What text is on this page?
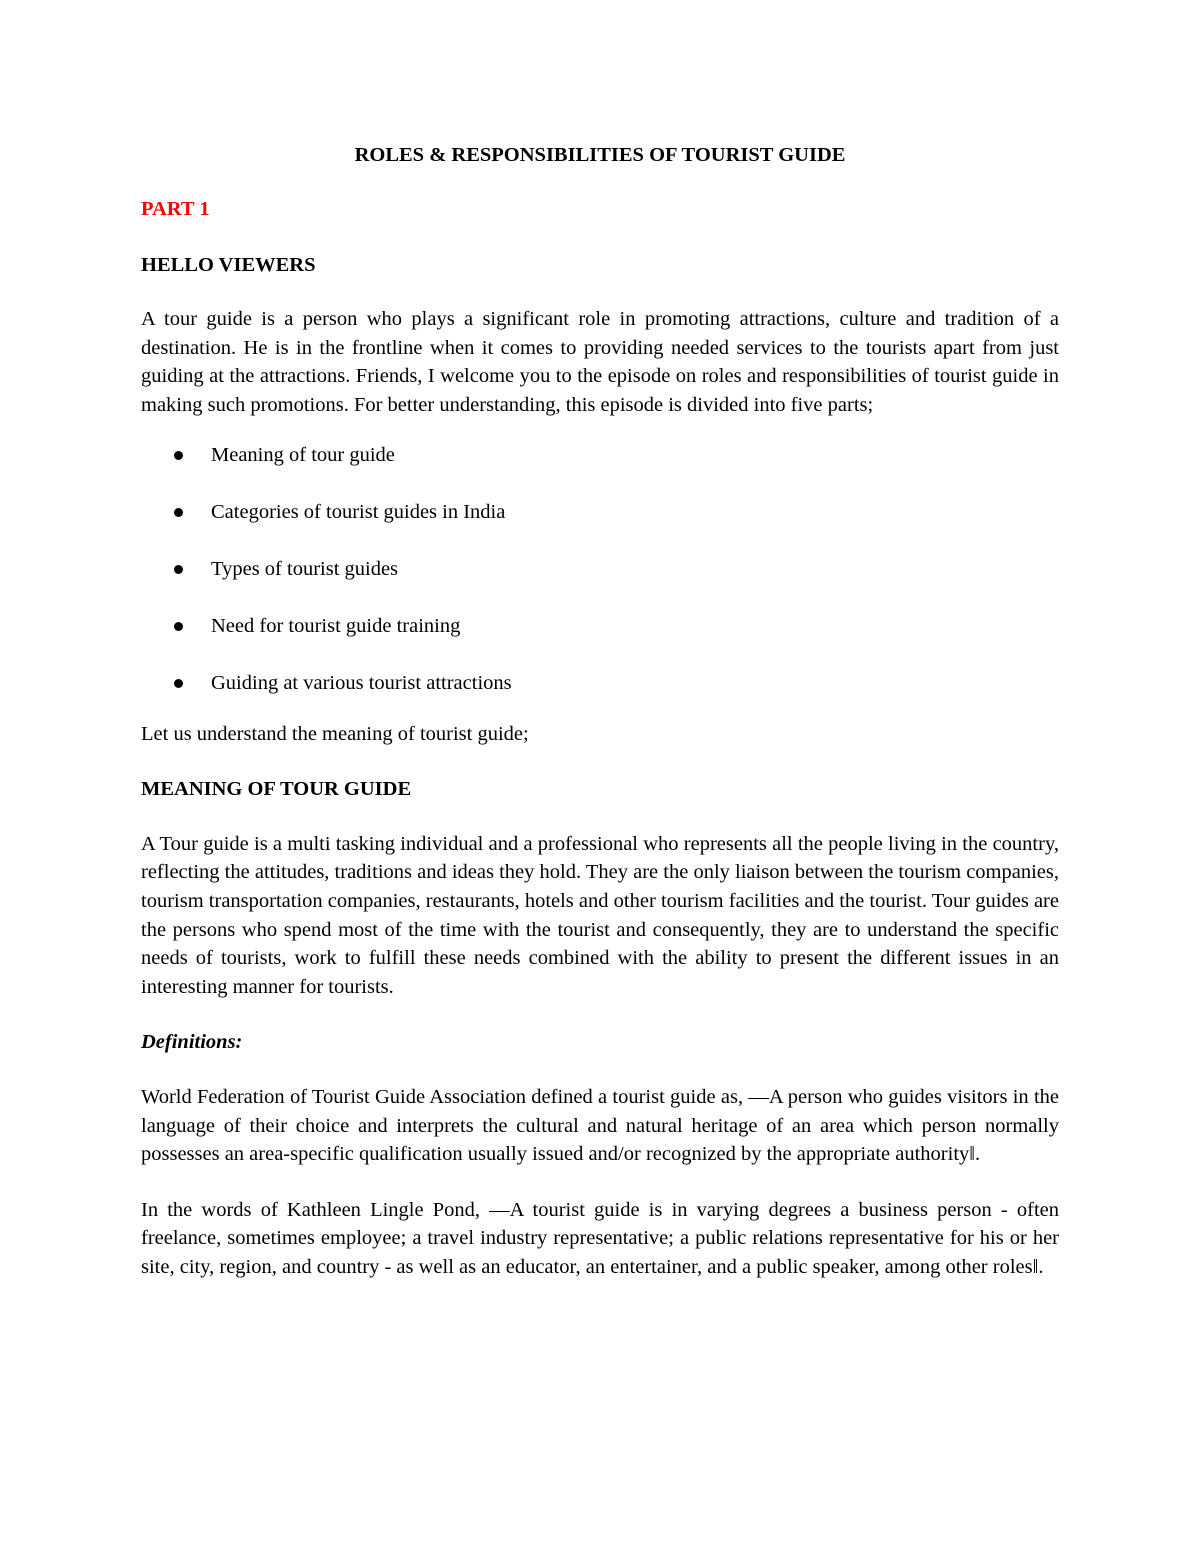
ROLES & RESPONSIBILITIES OF TOURIST GUIDE

PART 1

HELLO VIEWERS

A tour guide is a person who plays a significant role in promoting attractions, culture and tradition of a destination. He is in the frontline when it comes to providing needed services to the tourists apart from just guiding at the attractions. Friends, I welcome you to the episode on roles and responsibilities of tourist guide in making such promotions. For better understanding, this episode is divided into five parts;

Meaning of tour guide
Categories of tourist guides in India
Types of tourist guides
Need for tourist guide training
Guiding at various tourist attractions

Let us understand the meaning of tourist guide;

MEANING OF TOUR GUIDE

A Tour guide is a multi tasking individual and a professional who represents all the people living in the country, reflecting the attitudes, traditions and ideas they hold. They are the only liaison between the tourism companies, tourism transportation companies, restaurants, hotels and other tourism facilities and the tourist. Tour guides are the persons who spend most of the time with the tourist and consequently, they are to understand the specific needs of tourists, work to fulfill these needs combined with the ability to present the different issues in an interesting manner for tourists.

Definitions:

World Federation of Tourist Guide Association defined a tourist guide as, ―A person who guides visitors in the language of their choice and interprets the cultural and natural heritage of an area which person normally possesses an area-specific qualification usually issued and/or recognized by the appropriate authority‖.

In the words of Kathleen Lingle Pond, ―A tourist guide is in varying degrees a business person - often freelance, sometimes employee; a travel industry representative; a public relations representative for his or her site, city, region, and country - as well as an educator, an entertainer, and a public speaker, among other roles‖.
